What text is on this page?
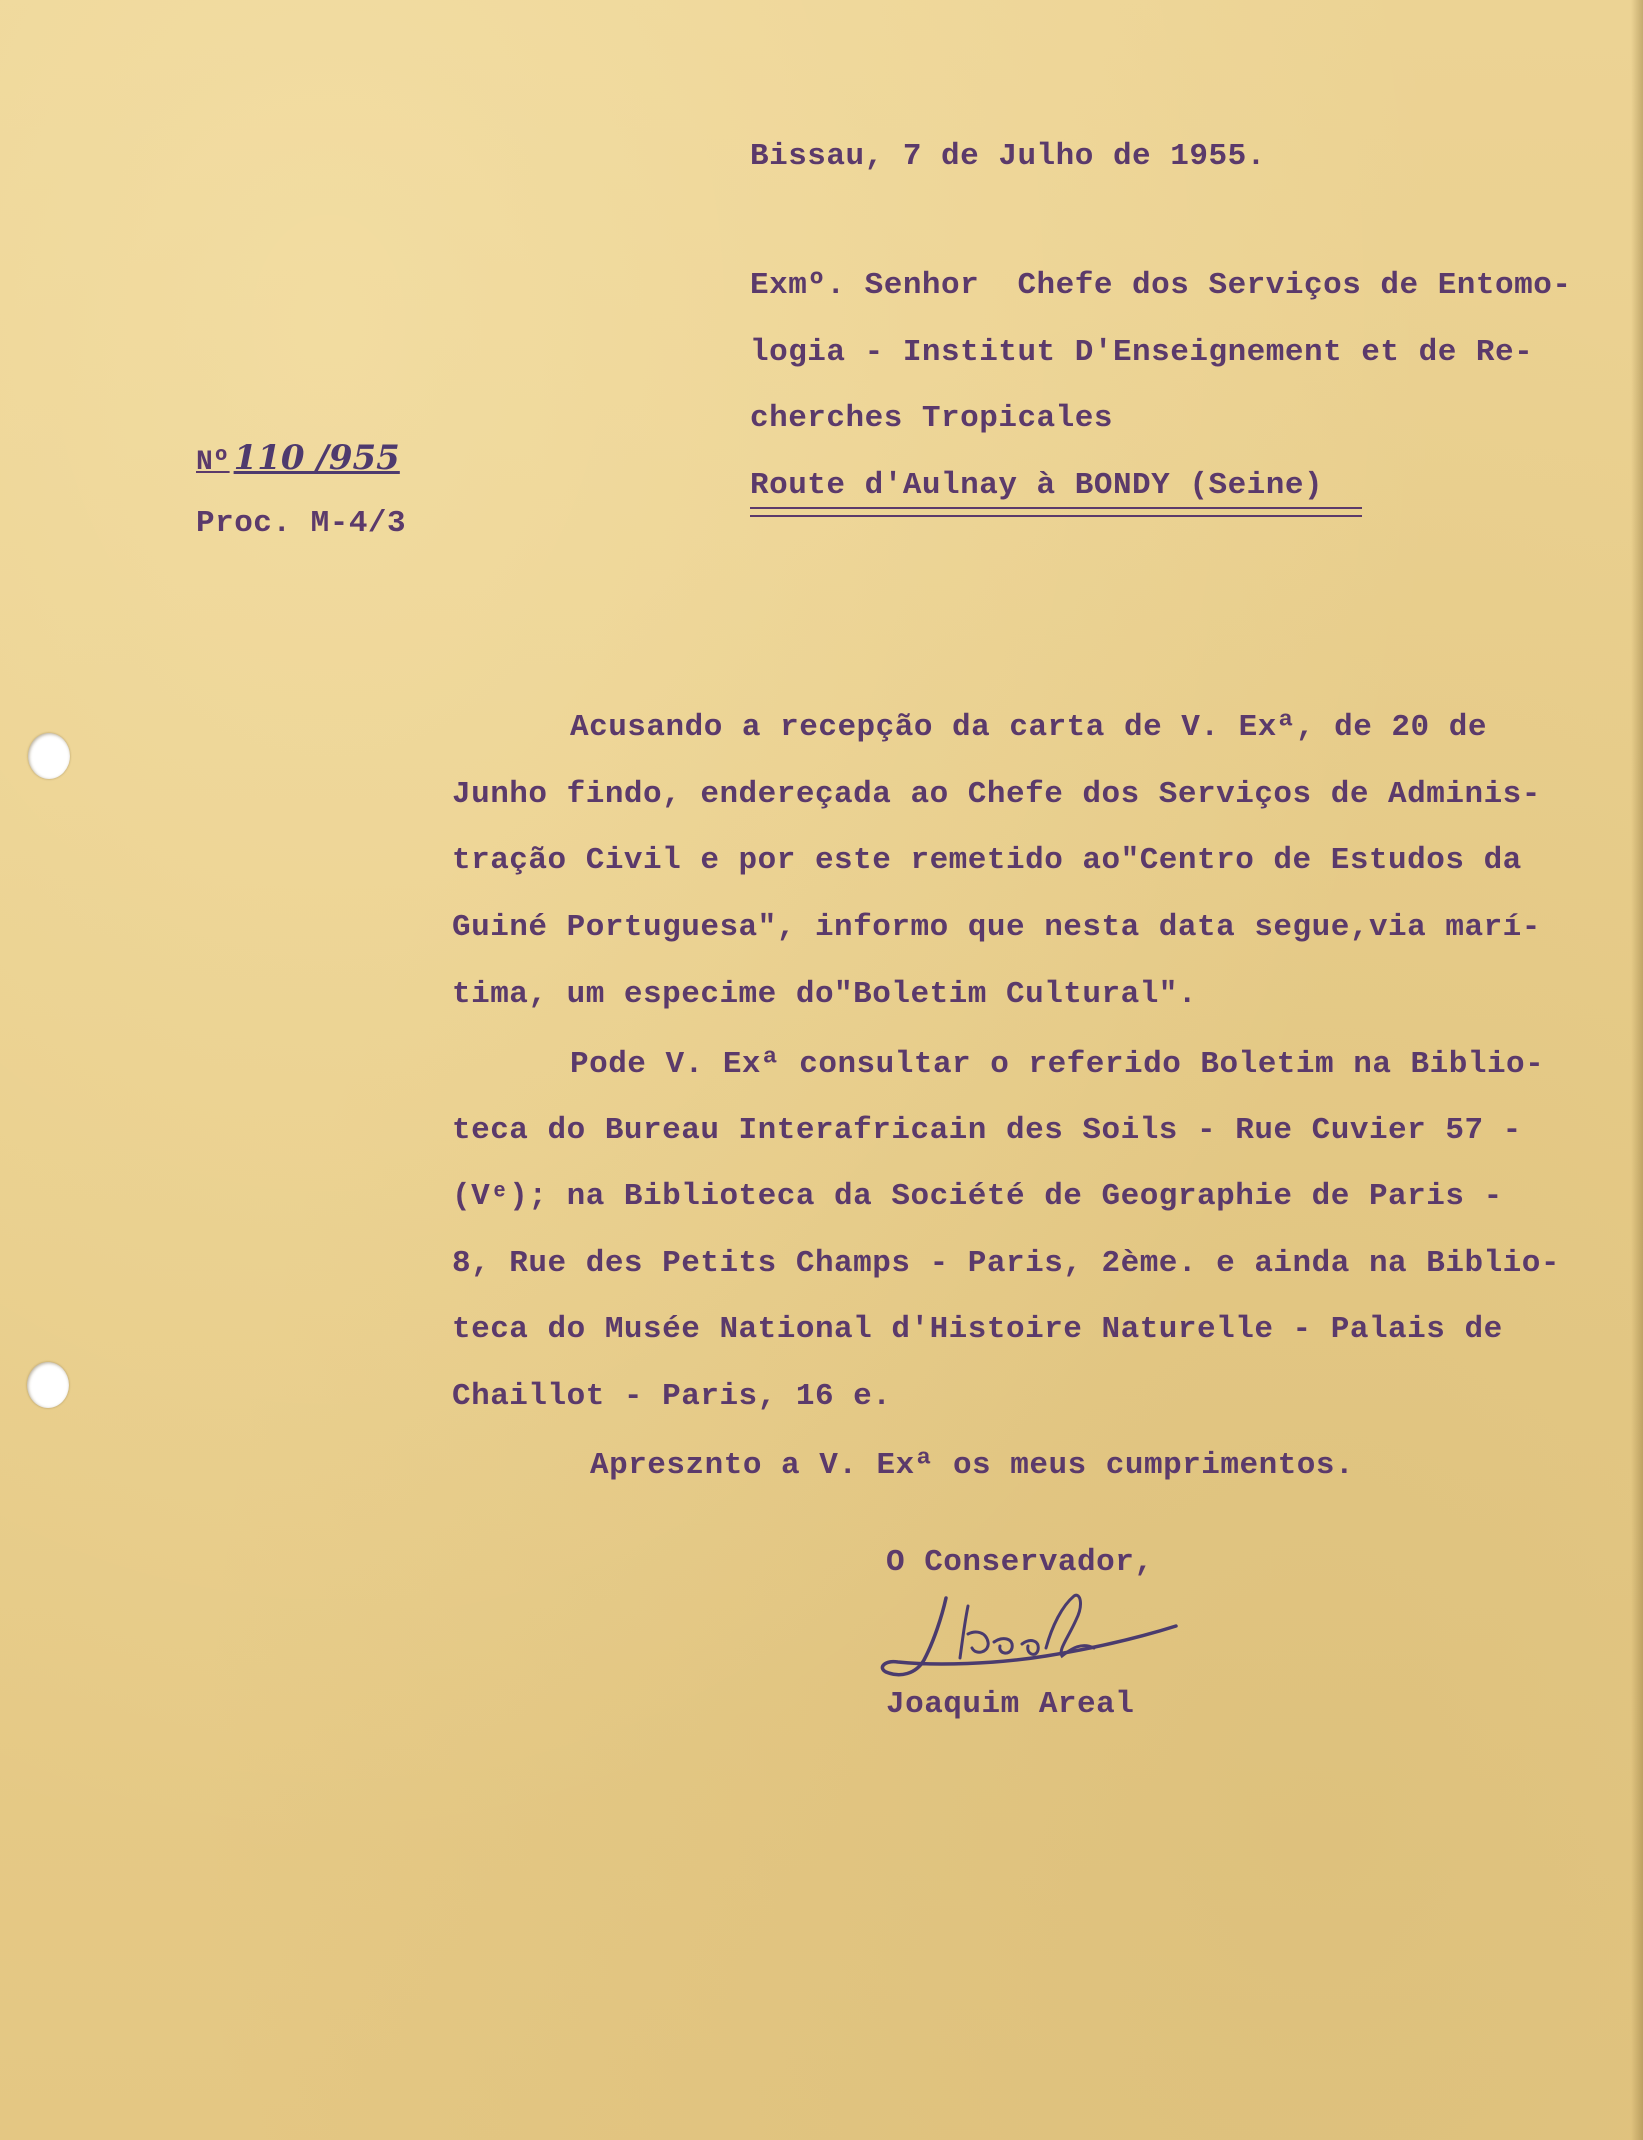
Bissau, 7 de Julho de 1955.

Exmº. Senhor  Chefe dos Serviços de Entomo-

logia - Institut D'Enseignement et de Re-

cherches Tropicales

Route d'Aulnay à BONDY (Seine)

Nº 110 /955

Proc. M-4/3

Acusando a recepção da carta de V. Exª, de 20 de

Junho findo, endereçada ao Chefe dos Serviços de Adminis-

tração Civil e por este remetido ao"Centro de Estudos da

Guiné Portuguesa", informo que nesta data segue,via marí-

tima, um especime do"Boletim Cultural".

Pode V. Exª consultar o referido Boletim na Biblio-

teca do Bureau Interafricain des Soils - Rue Cuvier 57 -

(Vᵉ); na Biblioteca da Société de Geographie de Paris -

8, Rue des Petits Champs - Paris, 2ème. e ainda na Biblio-

teca do Musée National d'Histoire Naturelle - Palais de

Chaillot - Paris, 16 e.

Apresznto a V. Exª os meus cumprimentos.

O Conservador,

Joaquim Areal
